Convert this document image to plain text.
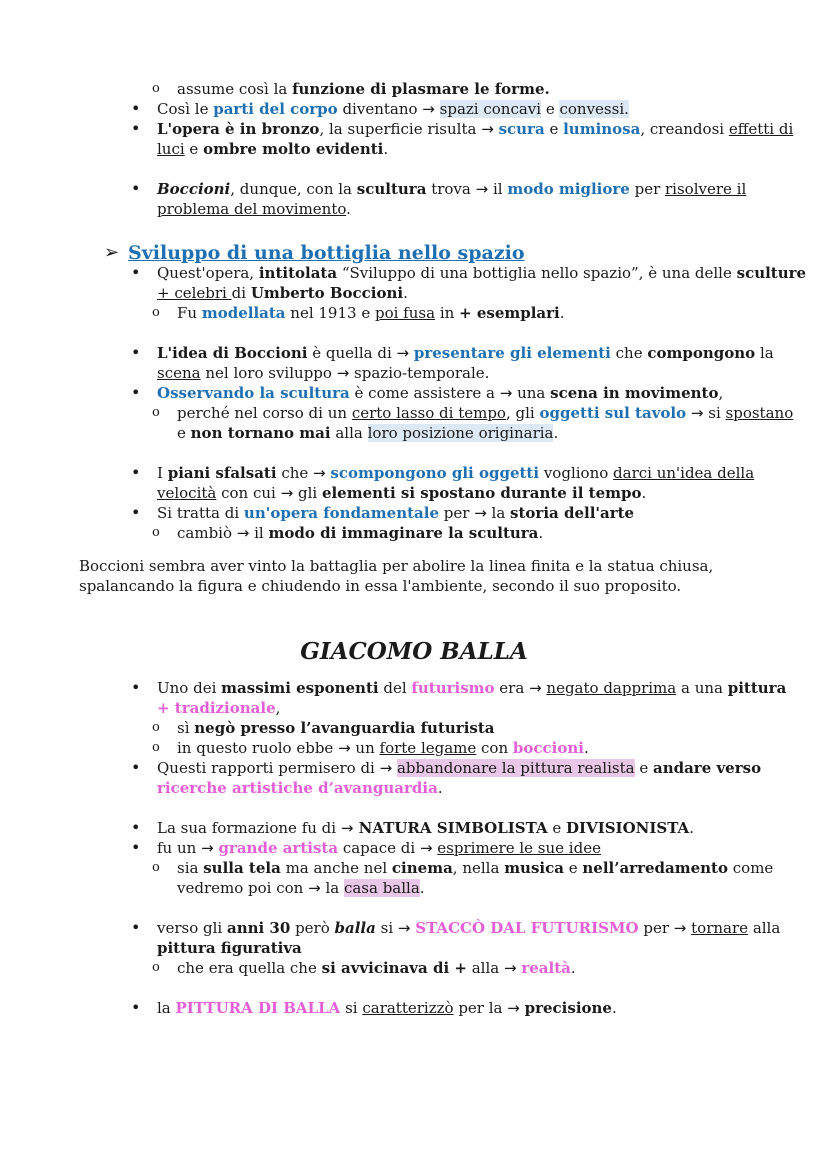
o assume così la funzione di plasmare le forme.
• Così le parti del corpo diventano → spazi concavi e convessi.
• L'opera è in bronzo, la superficie risulta → scura e luminosa, creandosi effetti di
luci e ombre molto evidenti.
• Boccioni, dunque, con la scultura trova → il modo migliore per risolvere il
problema del movimento.
➢ Sviluppo di una bottiglia nello spazio
• Quest'opera, intitolata “Sviluppo di una bottiglia nello spazio”, è una delle sculture
+ celebri di Umberto Boccioni.
o Fu modellata nel 1913 e poi fusa in + esemplari.
• L'idea di Boccioni è quella di → presentare gli elementi che compongono la
scena nel loro sviluppo → spazio-temporale.
• Osservando la scultura è come assistere a → una scena in movimento,
o perché nel corso di un certo lasso di tempo, gli oggetti sul tavolo → si spostano
e non tornano mai alla loro posizione originaria.
• I piani sfalsati che → scompongono gli oggetti vogliono darci un'idea della
velocità con cui → gli elementi si spostano durante il tempo.
• Si tratta di un'opera fondamentale per → la storia dell'arte
o cambiò → il modo di immaginare la scultura.
Boccioni sembra aver vinto la battaglia per abolire la linea finita e la statua chiusa,
spalancando la figura e chiudendo in essa l'ambiente, secondo il suo proposito.
GIACOMO BALLA
• Uno dei massimi esponenti del futurismo era → negato dapprima a una pittura
+ tradizionale,
o sì negò presso l’avanguardia futurista
o in questo ruolo ebbe → un forte legame con boccioni.
• Questi rapporti permisero di → abbandonare la pittura realista e andare verso
ricerche artistiche d’avanguardia.
• La sua formazione fu di → NATURA SIMBOLISTA e DIVISIONISTA.
• fu un → grande artista capace di → esprimere le sue idee
o sia sulla tela ma anche nel cinema, nella musica e nell’arredamento come
vedremo poi con → la casa balla.
• verso gli anni 30 però balla si → STACCÒ DAL FUTURISMO per → tornare alla
pittura figurativa
o che era quella che si avvicinava di + alla → realtà.
• la PITTURA DI BALLA si caratterizzò per la → precisione.
